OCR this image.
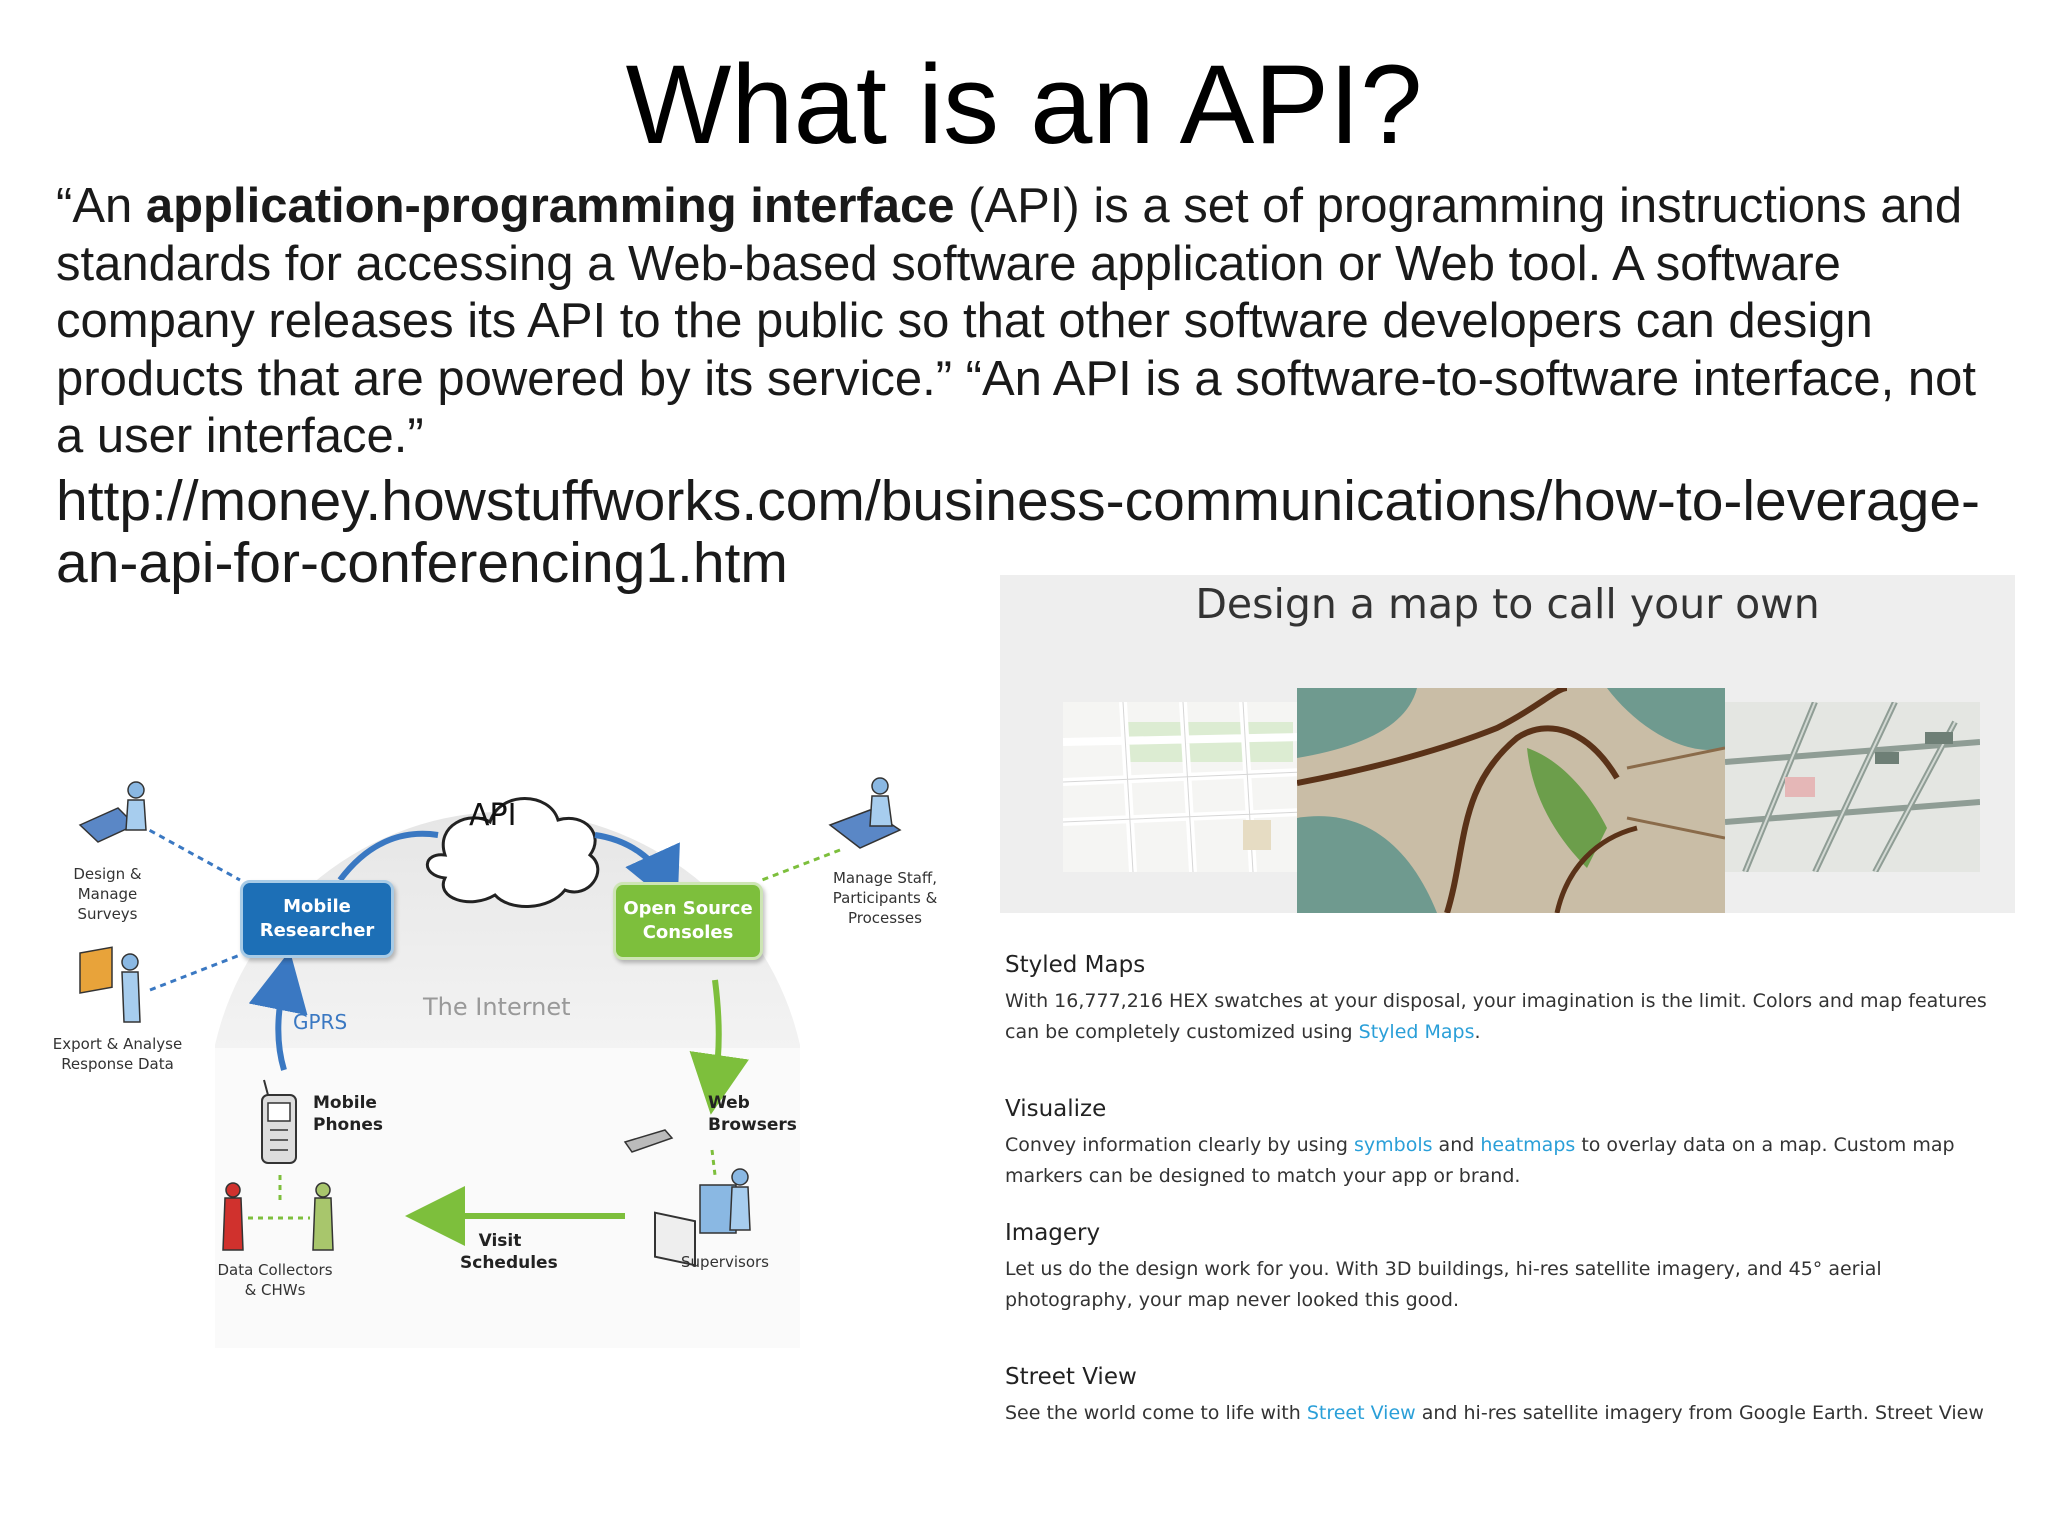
What is an API?

“An application-programming interface (API) is a set of programming instructions and standards for accessing a Web-based software application or Web tool. A software company releases its API to the public so that other software developers can design products that are powered by its service.” “An API is a software-to-software interface, not a user interface.”

http://money.howstuffworks.com/business-communications/how-to-leverage-an-api-for-conferencing1.htm

API
The Internet
GPRS
Mobile Researcher
Open Source Consoles
Design & Manage Surveys
Export & Analyse Response Data
Manage Staff, Participants & Processes
Mobile Phones
Web Browsers
Supervisors
Data Collectors & CHWs
Visit Schedules
Design a map to call your own
Styled Maps

With 16,777,216 HEX swatches at your disposal, your imagination is the limit. Colors and map features can be completely customized using Styled Maps.

Visualize

Convey information clearly by using symbols and heatmaps to overlay data on a map. Custom map markers can be designed to match your app or brand.

Imagery

Let us do the design work for you. With 3D buildings, hi-res satellite imagery, and 45° aerial photography, your map never looked this good.

Street View

See the world come to life with Street View and hi-res satellite imagery from Google Earth. Street View
